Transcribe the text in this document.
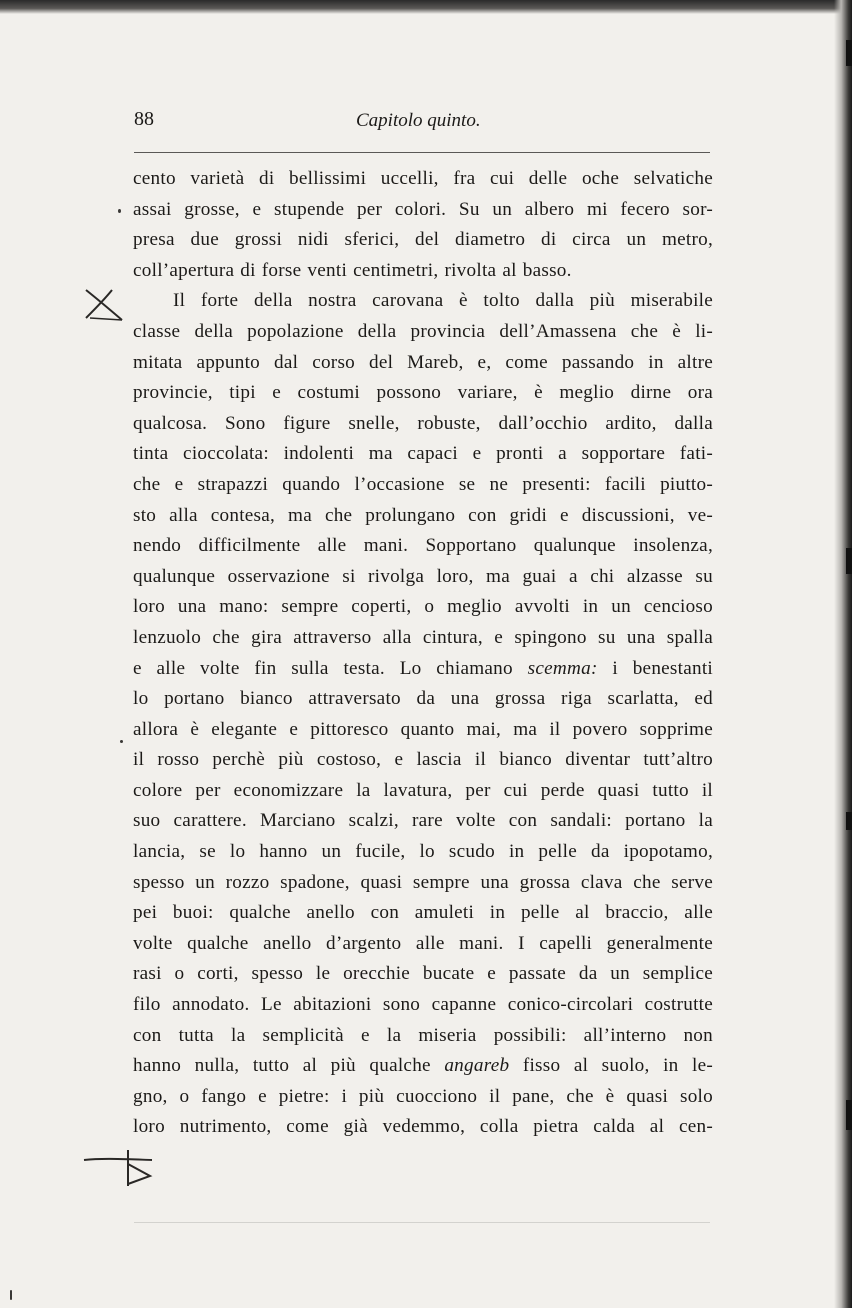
88	Capitolo quinto.
cento varietà di bellissimi uccelli, fra cui delle oche selvatiche
assai grosse, e stupende per colori. Su un albero mi fecero sor-
presa due grossi nidi sferici, del diametro di circa un metro,
coll’apertura di forse venti centimetri, rivolta al basso.
Il forte della nostra carovana è tolto dalla più miserabile
classe della popolazione della provincia dell’Amassena che è li-
mitata appunto dal corso del Mareb, e, come passando in altre
provincie, tipi e costumi possono variare, è meglio dirne ora
qualcosa. Sono figure snelle, robuste, dall’occhio ardito, dalla
tinta cioccolata: indolenti ma capaci e pronti a sopportare fati-
che e strapazzi quando l’occasione se ne presenti: facili piutto-
sto alla contesa, ma che prolungano con gridi e discussioni, ve-
nendo difficilmente alle mani. Sopportano qualunque insolenza,
qualunque osservazione si rivolga loro, ma guai a chi alzasse su
loro una mano: sempre coperti, o meglio avvolti in un cencioso
lenzuolo che gira attraverso alla cintura, e spingono su una spalla
e alle volte fin sulla testa. Lo chiamano scemma: i benestanti
lo portano bianco attraversato da una grossa riga scarlatta, ed
allora è elegante e pittoresco quanto mai, ma il povero sopprime
il rosso perchè più costoso, e lascia il bianco diventar tutt’altro
colore per economizzare la lavatura, per cui perde quasi tutto il
suo carattere. Marciano scalzi, rare volte con sandali: portano la
lancia, se lo hanno un fucile, lo scudo in pelle da ipopotamo,
spesso un rozzo spadone, quasi sempre una grossa clava che serve
pei buoi: qualche anello con amuleti in pelle al braccio, alle
volte qualche anello d’argento alle mani. I capelli generalmente
rasi o corti, spesso le orecchie bucate e passate da un semplice
filo annodato. Le abitazioni sono capanne conico-circolari costrutte
con tutta la semplicità e la miseria possibili: all’interno non
hanno nulla, tutto al più qualche angareb fisso al suolo, in le-
gno, o fango e pietre: i più cuocciono il pane, che è quasi solo
loro nutrimento, come già vedemmo, colla pietra calda al cen-
